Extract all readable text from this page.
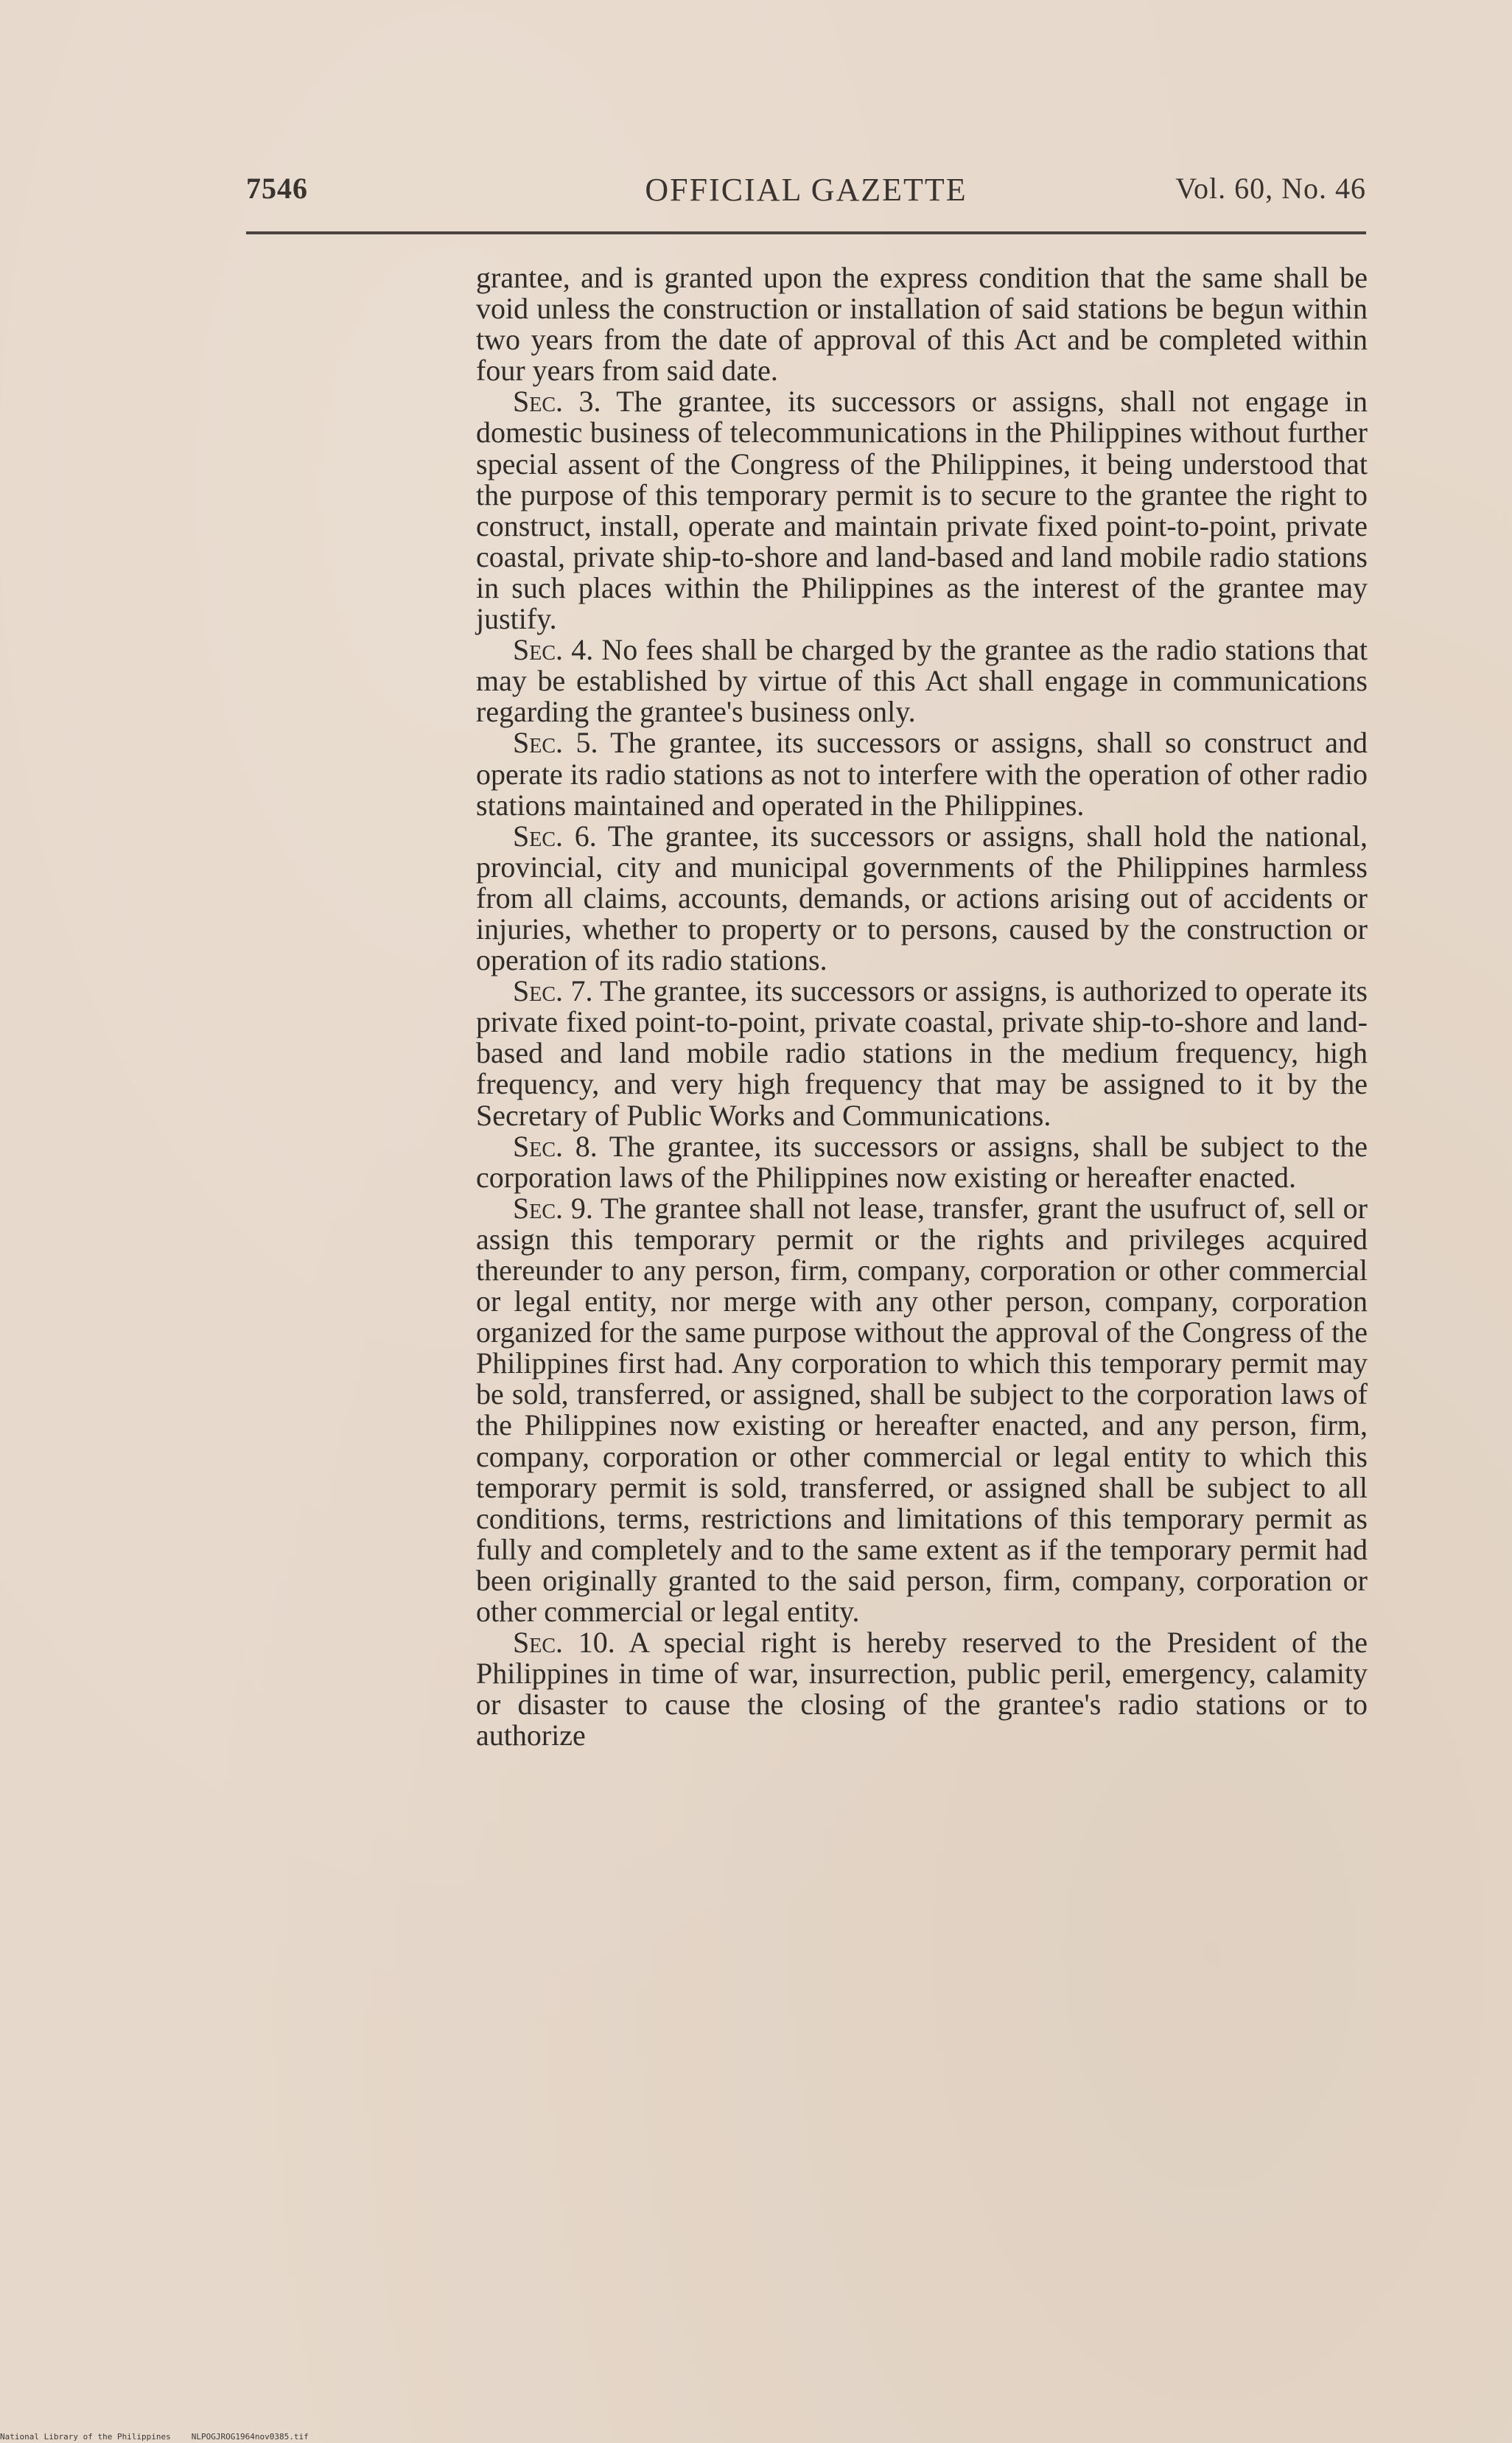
7546	OFFICIAL GAZETTE	Vol. 60, No. 46

grantee, and is granted upon the express condition that the same shall be void unless the construction or installation of said stations be begun within two years from the date of approval of this Act and be completed within four years from said date.

Sec. 3. The grantee, its successors or assigns, shall not engage in domestic business of telecommunications in the Philippines without further special assent of the Congress of the Philippines, it being understood that the purpose of this temporary permit is to secure to the grantee the right to construct, install, operate and maintain private fixed point-to-point, private coastal, private ship-to-shore and land-based and land mobile radio stations in such places within the Philippines as the interest of the grantee may justify.

Sec. 4. No fees shall be charged by the grantee as the radio stations that may be established by virtue of this Act shall engage in communications regarding the grantee's business only.

Sec. 5. The grantee, its successors or assigns, shall so construct and operate its radio stations as not to interfere with the operation of other radio stations maintained and operated in the Philippines.

Sec. 6. The grantee, its successors or assigns, shall hold the national, provincial, city and municipal governments of the Philippines harmless from all claims, accounts, demands, or actions arising out of accidents or injuries, whether to property or to persons, caused by the construction or operation of its radio stations.

Sec. 7. The grantee, its successors or assigns, is authorized to operate its private fixed point-to-point, private coastal, private ship-to-shore and land-based and land mobile radio stations in the medium frequency, high frequency, and very high frequency that may be assigned to it by the Secretary of Public Works and Communications.

Sec. 8. The grantee, its successors or assigns, shall be subject to the corporation laws of the Philippines now existing or hereafter enacted.

Sec. 9. The grantee shall not lease, transfer, grant the usufruct of, sell or assign this temporary permit or the rights and privileges acquired thereunder to any person, firm, company, corporation or other commercial or legal entity, nor merge with any other person, company, corporation organized for the same purpose without the approval of the Congress of the Philippines first had. Any corporation to which this temporary permit may be sold, transferred, or assigned, shall be subject to the corporation laws of the Philippines now existing or hereafter enacted, and any person, firm, company, corporation or other commercial or legal entity to which this temporary permit is sold, transferred, or assigned shall be subject to all conditions, terms, restrictions and limitations of this temporary permit as fully and completely and to the same extent as if the temporary permit had been originally granted to the said person, firm, company, corporation or other commercial or legal entity.

Sec. 10. A special right is hereby reserved to the President of the Philippines in time of war, insurrection, public peril, emergency, calamity or disaster to cause the closing of the grantee's radio stations or to authorize

National Library of the Philippines	NLPOGJROG1964nov0385.tif
